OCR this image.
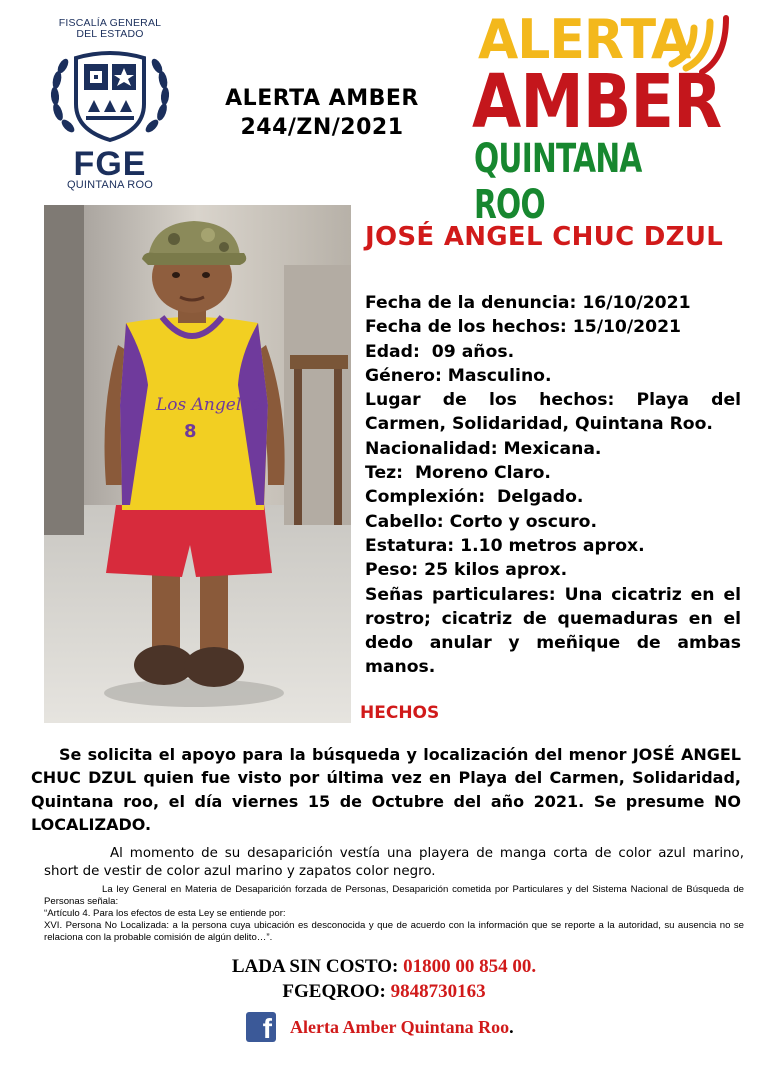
FISCALÍA GENERAL
DEL ESTADO
FGE
QUINTANA ROO
ALERTA AMBER
244/ZN/2021
ALERTA
AMBER
QUINTANA ROO
Los Angeles
8
JOSÉ ANGEL CHUC DZUL
Fecha de la denuncia: 16/10/2021
Fecha de los hechos: 15/10/2021
Edad:  09 años.
Género: Masculino.
Lugar de los hechos: Playa del Carmen, Solidaridad, Quintana Roo.
Nacionalidad: Mexicana.
Tez:  Moreno Claro.
Complexión:  Delgado.
Cabello: Corto y oscuro.
Estatura: 1.10 metros aprox.
Peso: 25 kilos aprox.
Señas particulares: Una cicatriz en el rostro; cicatriz de quemaduras en el dedo anular y meñique de ambas manos.
HECHOS
Se solicita el apoyo para la búsqueda y localización del menor JOSÉ ANGEL CHUC DZUL quien fue visto por última vez en Playa del Carmen, Solidaridad, Quintana roo, el día viernes 15 de Octubre del año 2021. Se presume NO LOCALIZADO.
Al momento de su desaparición vestía una playera de manga corta de color azul marino, short de vestir de color azul marino y zapatos color negro.
La ley General en Materia de Desaparición forzada de Personas, Desaparición cometida por Particulares y del Sistema Nacional de Búsqueda de Personas señala:
“Artículo 4. Para los efectos de esta Ley se entiende por:
XVI. Persona No Localizada: a la persona cuya ubicación es desconocida y que de acuerdo con la información que se reporte a la autoridad, su ausencia no se relaciona con la probable comisión de algún delito…”.
LADA SIN COSTO: 01800 00 854 00.
FGEQROO: 9848730163
f Alerta Amber Quintana Roo.
